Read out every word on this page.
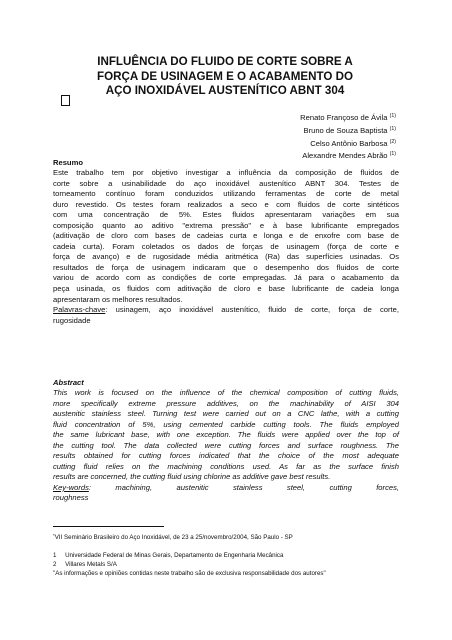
INFLUÊNCIA DO FLUIDO DE CORTE SOBRE A
FORÇA DE USINAGEM E O ACABAMENTO DO
AÇO INOXIDÁVEL AUSTENÍTICO ABNT 304
Renato Françoso de Ávila $^{(1)}$
Bruno de Souza Baptista $^{(1)}$
Celso Antônio Barbosa $^{(2)}$
Alexandre Mendes Abrão $^{(1)}$
Resumo
Este trabalho tem por objetivo investigar a influência da composição de fluidos de
corte sobre a usinabilidade do aço inoxidável austenítico ABNT 304. Testes de
torneamento contínuo foram conduzidos utilizando ferramentas de corte de metal
duro revestido. Os testes foram realizados a seco e com fluidos de corte sintéticos
com uma concentração de 5%. Estes fluidos apresentaram variações em sua
composição quanto ao aditivo "extrema pressão" e à base lubrificante empregados
(aditivação de cloro com bases de cadeias curta e longa e de enxofre com base de
cadeia curta). Foram coletados os dados de forças de usinagem (força de corte e
força de avanço) e de rugosidade média aritmética (Ra) das superfícies usinadas. Os
resultados de força de usinagem indicaram que o desempenho dos fluidos de corte
variou de acordo com as condições de corte empregadas. Já para o acabamento da
peça usinada, os fluidos com aditivação de cloro e base lubrificante de cadeia longa
apresentaram os melhores resultados.
Palavras-chave: usinagem, aço inoxidável austenítico, fluido de corte, força de corte,
rugosidade
Abstract
This work is focused on the influence of the chemical composition of cutting fluids,
more specifically extreme pressure additives, on the machinability of AISI 304
austenitic stainless steel. Turning test were carried out on a CNC lathe, with a cutting
fluid concentration of 5%, using cemented carbide cutting tools. The fluids employed
the same lubricant base, with one exception. The fluids were applied over the top of
the cutting tool. The data collected were cutting forces and surface roughness. The
results obtained for cutting forces indicated that the choice of the most adequate
cutting fluid relies on the machining conditions used. As far as the surface finish
results are concerned, the cutting fluid using chlorine as additive gave best results.
Key-words: machining, austenitic stainless steel, cutting forces,
roughness
*VII Seminário Brasileiro do Aço Inoxidável, de 23 a 25/novembro/2004, São Paulo - SP
1 Universidade Federal de Minas Gerais, Departamento de Engenharia Mecânica
2 Villares Metals S/A
"As informações e opiniões contidas neste trabalho são de exclusiva responsabilidade dos autores"
